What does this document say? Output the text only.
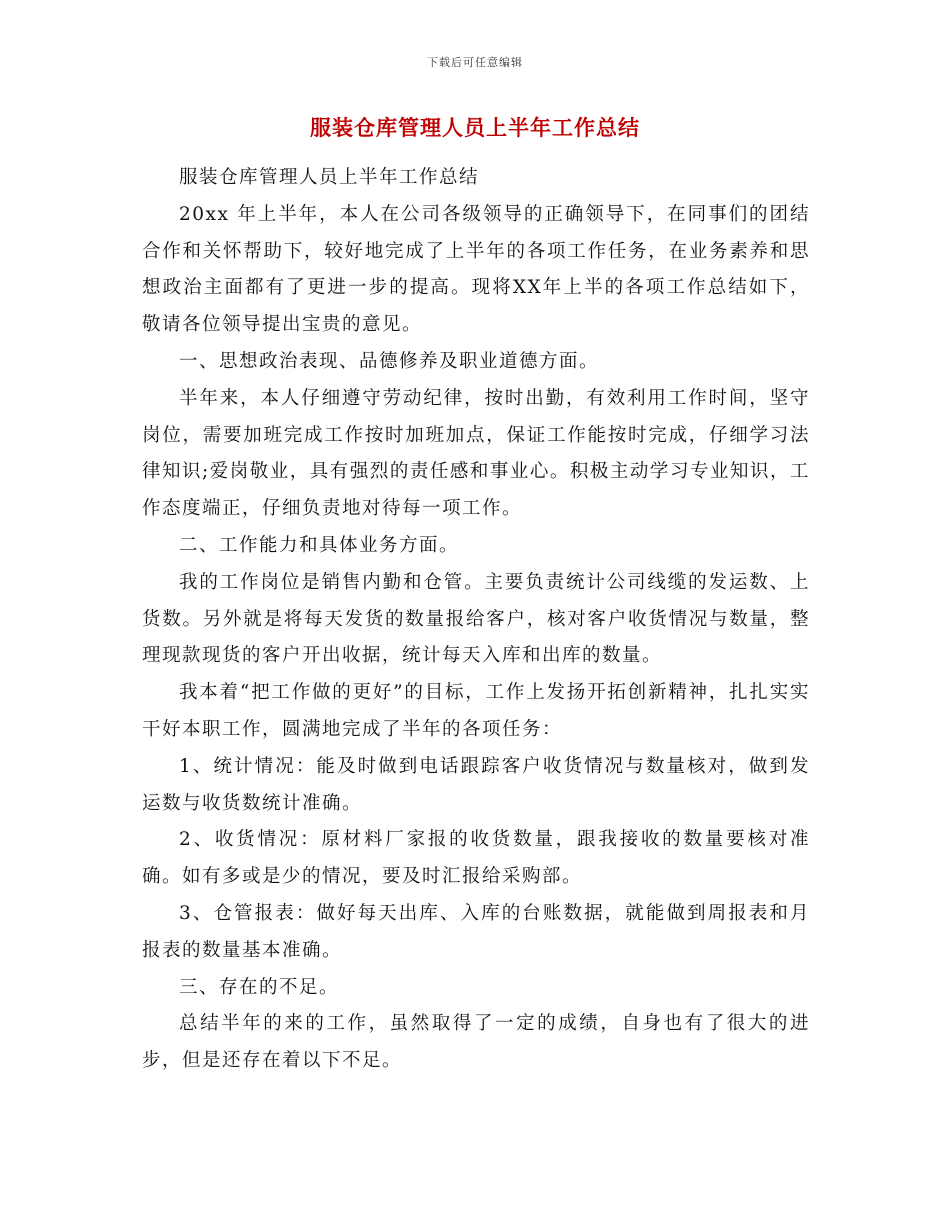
下载后可任意编辑
服装仓库管理人员上半年工作总结

服装仓库管理人员上半年工作总结

20xx 年上半年，本人在公司各级领导的正确领导下，在同事们的团结合作和关怀帮助下，较好地完成了上半年的各项工作任务，在业务素养和思想政治主面都有了更进一步的提高。现将XX年上半的各项工作总结如下，敬请各位领导提出宝贵的意见。

一、思想政治表现、品德修养及职业道德方面。

半年来，本人仔细遵守劳动纪律，按时出勤，有效利用工作时间，坚守岗位，需要加班完成工作按时加班加点，保证工作能按时完成，仔细学习法律知识;爱岗敬业，具有强烈的责任感和事业心。积极主动学习专业知识，工作态度端正，仔细负责地对待每一项工作。

二、工作能力和具体业务方面。

我的工作岗位是销售内勤和仓管。主要负责统计公司线缆的发运数、上货数。另外就是将每天发货的数量报给客户，核对客户收货情况与数量，整理现款现货的客户开出收据，统计每天入库和出库的数量。

我本着“把工作做的更好”的目标，工作上发扬开拓创新精神，扎扎实实干好本职工作，圆满地完成了半年的各项任务：

1、统计情况：能及时做到电话跟踪客户收货情况与数量核对，做到发运数与收货数统计准确。

2、收货情况：原材料厂家报的收货数量，跟我接收的数量要核对准确。如有多或是少的情况，要及时汇报给采购部。

3、仓管报表：做好每天出库、入库的台账数据，就能做到周报表和月报表的数量基本准确。

三、存在的不足。

总结半年的来的工作，虽然取得了一定的成绩，自身也有了很大的进步，但是还存在着以下不足。
